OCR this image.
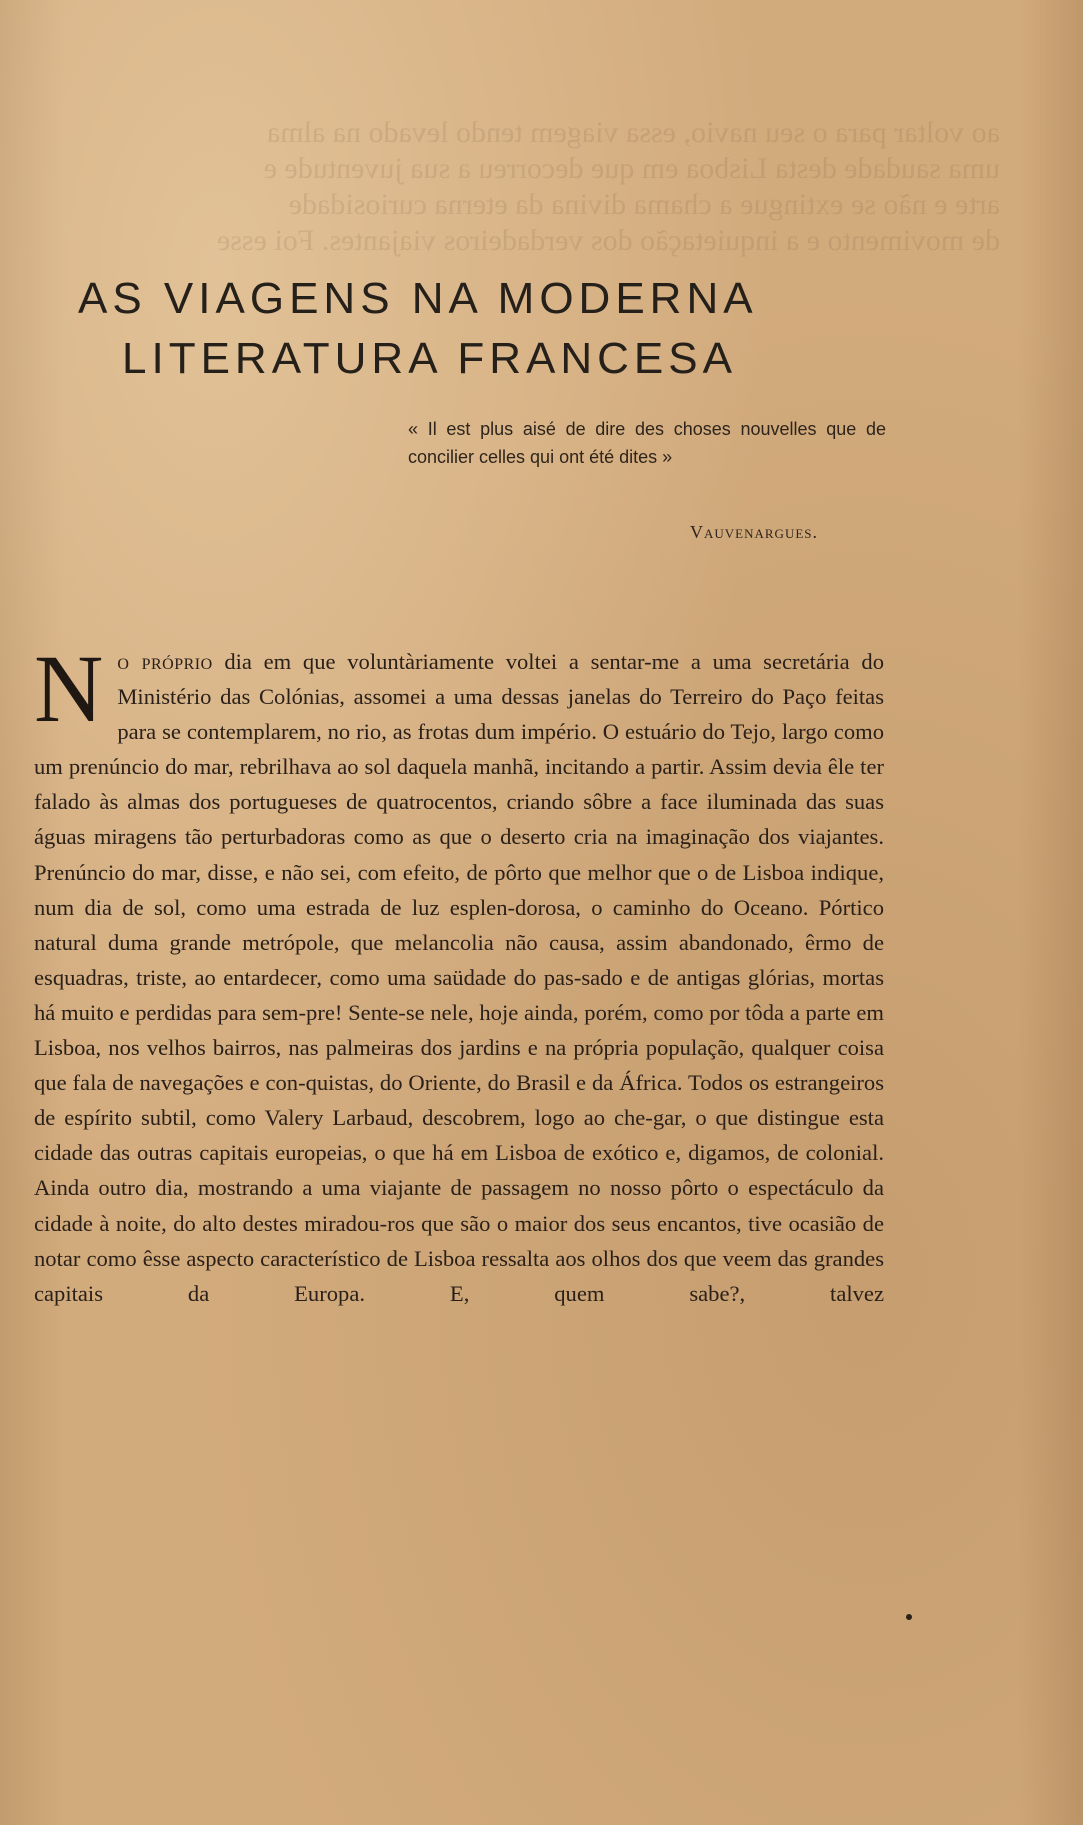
ao voltar para o seu navio, essa viagem tendo levado na alma
uma saudade desta Lisboa em que decorreu a sua juventude e
arte e não se extingue a chama divina da eterna curiosidade
de movimento e a inquietação dos verdadeiros viajantes. Foi esse
AS VIAGENS NA MODERNA
LITERATURA FRANCESA
« Il est plus aisé de dire des choses nouvelles que de concilier celles qui ont été dites »
Vauvenargues.

No próprio dia em que voluntàriamente voltei a sentar-me a uma secretária do Ministério das Colónias, assomei a uma dessas janelas do Terreiro do Paço feitas para se contemplarem, no rio, as frotas dum império. O estuário do Tejo, largo como um prenúncio do mar, rebrilhava ao sol daquela manhã, incitando a partir. Assim devia êle ter falado às almas dos portugueses de quatrocentos, criando sôbre a face iluminada das suas águas miragens tão perturbadoras como as que o deserto cria na imaginação dos viajantes. Prenúncio do mar, disse, e não sei, com efeito, de pôrto que melhor que o de Lisboa indique, num dia de sol, como uma estrada de luz esplen-dorosa, o caminho do Oceano. Pórtico natural duma grande metrópole, que melancolia não causa, assim abandonado, êrmo de esquadras, triste, ao entardecer, como uma saüdade do pas-sado e de antigas glórias, mortas há muito e perdidas para sem-pre! Sente-se nele, hoje ainda, porém, como por tôda a parte em Lisboa, nos velhos bairros, nas palmeiras dos jardins e na própria população, qualquer coisa que fala de navegações e con-quistas, do Oriente, do Brasil e da África. Todos os estrangeiros de espírito subtil, como Valery Larbaud, descobrem, logo ao che-gar, o que distingue esta cidade das outras capitais europeias, o que há em Lisboa de exótico e, digamos, de colonial. Ainda outro dia, mostrando a uma viajante de passagem no nosso pôrto o espectáculo da cidade à noite, do alto destes miradou-ros que são o maior dos seus encantos, tive ocasião de notar como êsse aspecto característico de Lisboa ressalta aos olhos dos que veem das grandes capitais da Europa. E, quem sabe?, talvez
